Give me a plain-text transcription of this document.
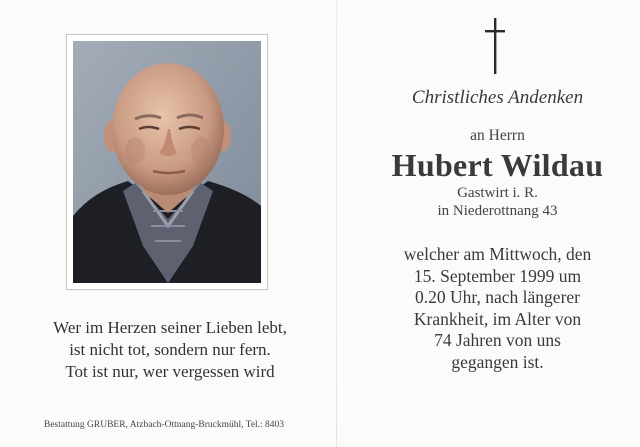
Wer im Herzen seiner Lieben lebt,
ist nicht tot, sondern nur fern.
Tot ist nur, wer vergessen wird
Bestattung GRUBER, Atzbach-Ottnang-Bruckmühl, Tel.: 8403
Christliches Andenken
an Herrn
Hubert Wildau
Gastwirt i. R.
in Niederottnang 43
welcher am Mittwoch, den
15. September 1999 um
0.20 Uhr, nach längerer
Krankheit, im Alter von
74 Jahren von uns
gegangen ist.
